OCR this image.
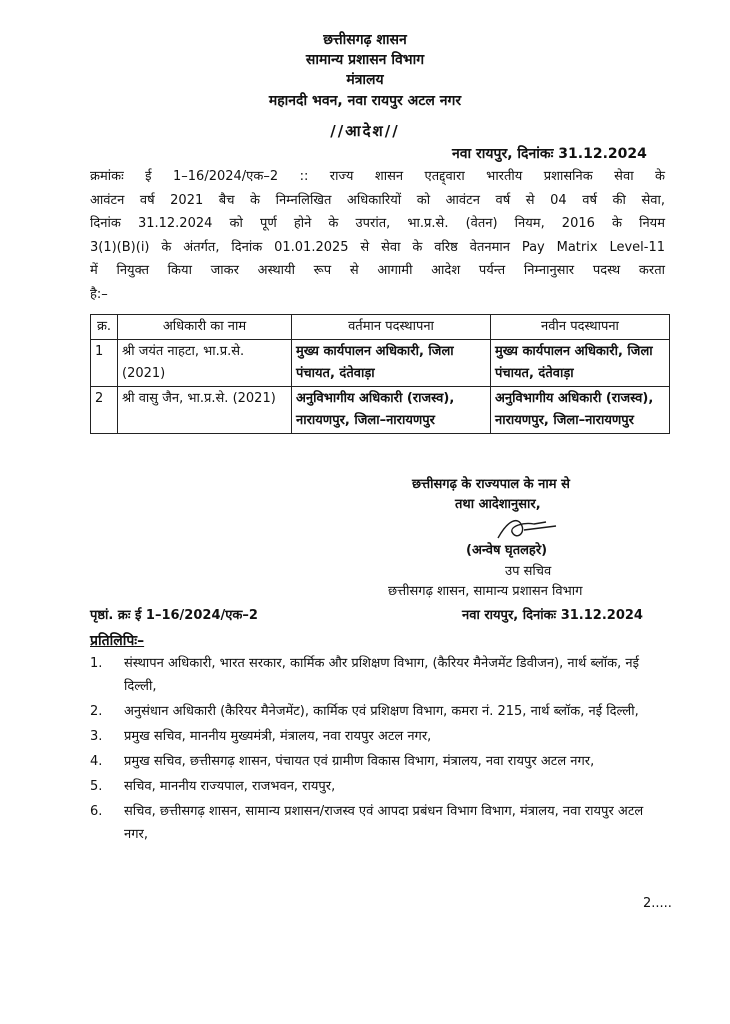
छत्तीसगढ़ शासन
सामान्य प्रशासन विभाग
मंत्रालय
महानदी भवन, नवा रायपुर अटल नगर
//आदेश//
नवा रायपुर, दिनांकः 31.12.2024
क्रमांकः ई 1–16/2024/एक–2 :: राज्य शासन एतद्द्वारा भारतीय प्रशासनिक सेवा के
आवंटन वर्ष 2021 बैच के निम्नलिखित अधिकारियों को आवंटन वर्ष से 04 वर्ष की सेवा,
दिनांक 31.12.2024 को पूर्ण होने के उपरांत, भा.प्र.से. (वेतन) नियम, 2016 के नियम
3(1)(B)(i) के अंतर्गत, दिनांक 01.01.2025 से सेवा के वरिष्ठ वेतनमान Pay Matrix Level-11
में नियुक्त किया जाकर अस्थायी रूप से आगामी आदेश पर्यन्त निम्नानुसार पदस्थ करता
है:–
क्र.	अधिकारी का नाम	वर्तमान पदस्थापना	नवीन पदस्थापना
1	श्री जयंत नाहटा, भा.प्र.से. (2021)	मुख्य कार्यपालन अधिकारी, जिला पंचायत, दंतेवाड़ा	मुख्य कार्यपालन अधिकारी, जिला पंचायत, दंतेवाड़ा
2	श्री वासु जैन, भा.प्र.से. (2021)	अनुविभागीय अधिकारी (राजस्व), नारायणपुर, जिला–नारायणपुर	अनुविभागीय अधिकारी (राजस्व), नारायणपुर, जिला–नारायणपुर
छत्तीसगढ़ के राज्यपाल के नाम से
तथा आदेशानुसार,
(अन्वेष घृतलहरे)
उप सचिव
छत्तीसगढ़ शासन, सामान्य प्रशासन विभाग
पृष्ठां. क्रः ई 1–16/2024/एक–2	नवा रायपुर, दिनांकः 31.12.2024
प्रतिलिपिः–
1. संस्थापन अधिकारी, भारत सरकार, कार्मिक और प्रशिक्षण विभाग, (कैरियर मैनेजमेंट डिवीजन), नार्थ ब्लॉक, नई दिल्ली,
2. अनुसंधान अधिकारी (कैरियर मैनेजमेंट), कार्मिक एवं प्रशिक्षण विभाग, कमरा नं. 215, नार्थ ब्लॉक, नई दिल्ली,
3. प्रमुख सचिव, माननीय मुख्यमंत्री, मंत्रालय, नवा रायपुर अटल नगर,
4. प्रमुख सचिव, छत्तीसगढ़ शासन, पंचायत एवं ग्रामीण विकास विभाग, मंत्रालय, नवा रायपुर अटल नगर,
5. सचिव, माननीय राज्यपाल, राजभवन, रायपुर,
6. सचिव, छत्तीसगढ़ शासन, सामान्य प्रशासन/राजस्व एवं आपदा प्रबंधन विभाग विभाग, मंत्रालय, नवा रायपुर अटल नगर,
2.....
